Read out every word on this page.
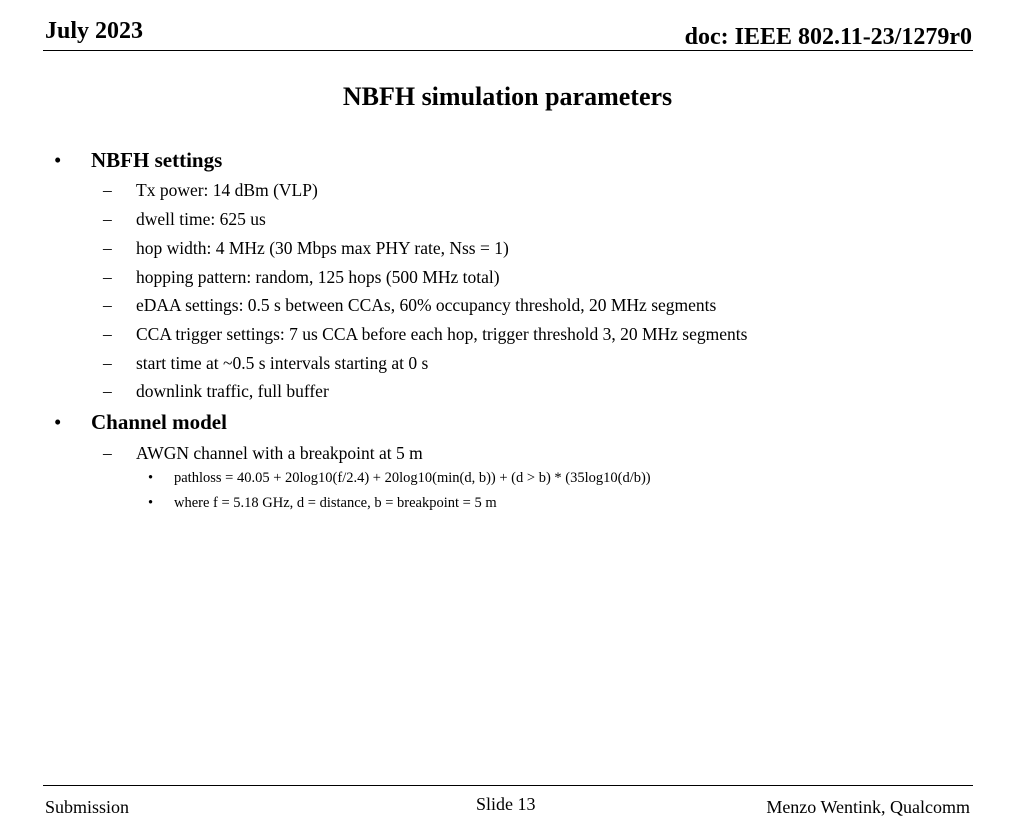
July 2023	doc: IEEE 802.11-23/1279r0
NBFH simulation parameters
• NBFH settings
– Tx power: 14 dBm (VLP)
– dwell time: 625 us
– hop width: 4 MHz (30 Mbps max PHY rate, Nss = 1)
– hopping pattern: random, 125 hops (500 MHz total)
– eDAA settings: 0.5 s between CCAs, 60% occupancy threshold, 20 MHz segments
– CCA trigger settings: 7 us CCA before each hop, trigger threshold 3, 20 MHz segments
– start time at ~0.5 s intervals starting at 0 s
– downlink traffic, full buffer
• Channel model
– AWGN channel with a breakpoint at 5 m
• pathloss = 40.05 + 20log10(f/2.4) + 20log10(min(d, b)) + (d > b) * (35log10(d/b))
• where f = 5.18 GHz, d = distance, b = breakpoint = 5 m
Submission	Slide 13	Menzo Wentink, Qualcomm
